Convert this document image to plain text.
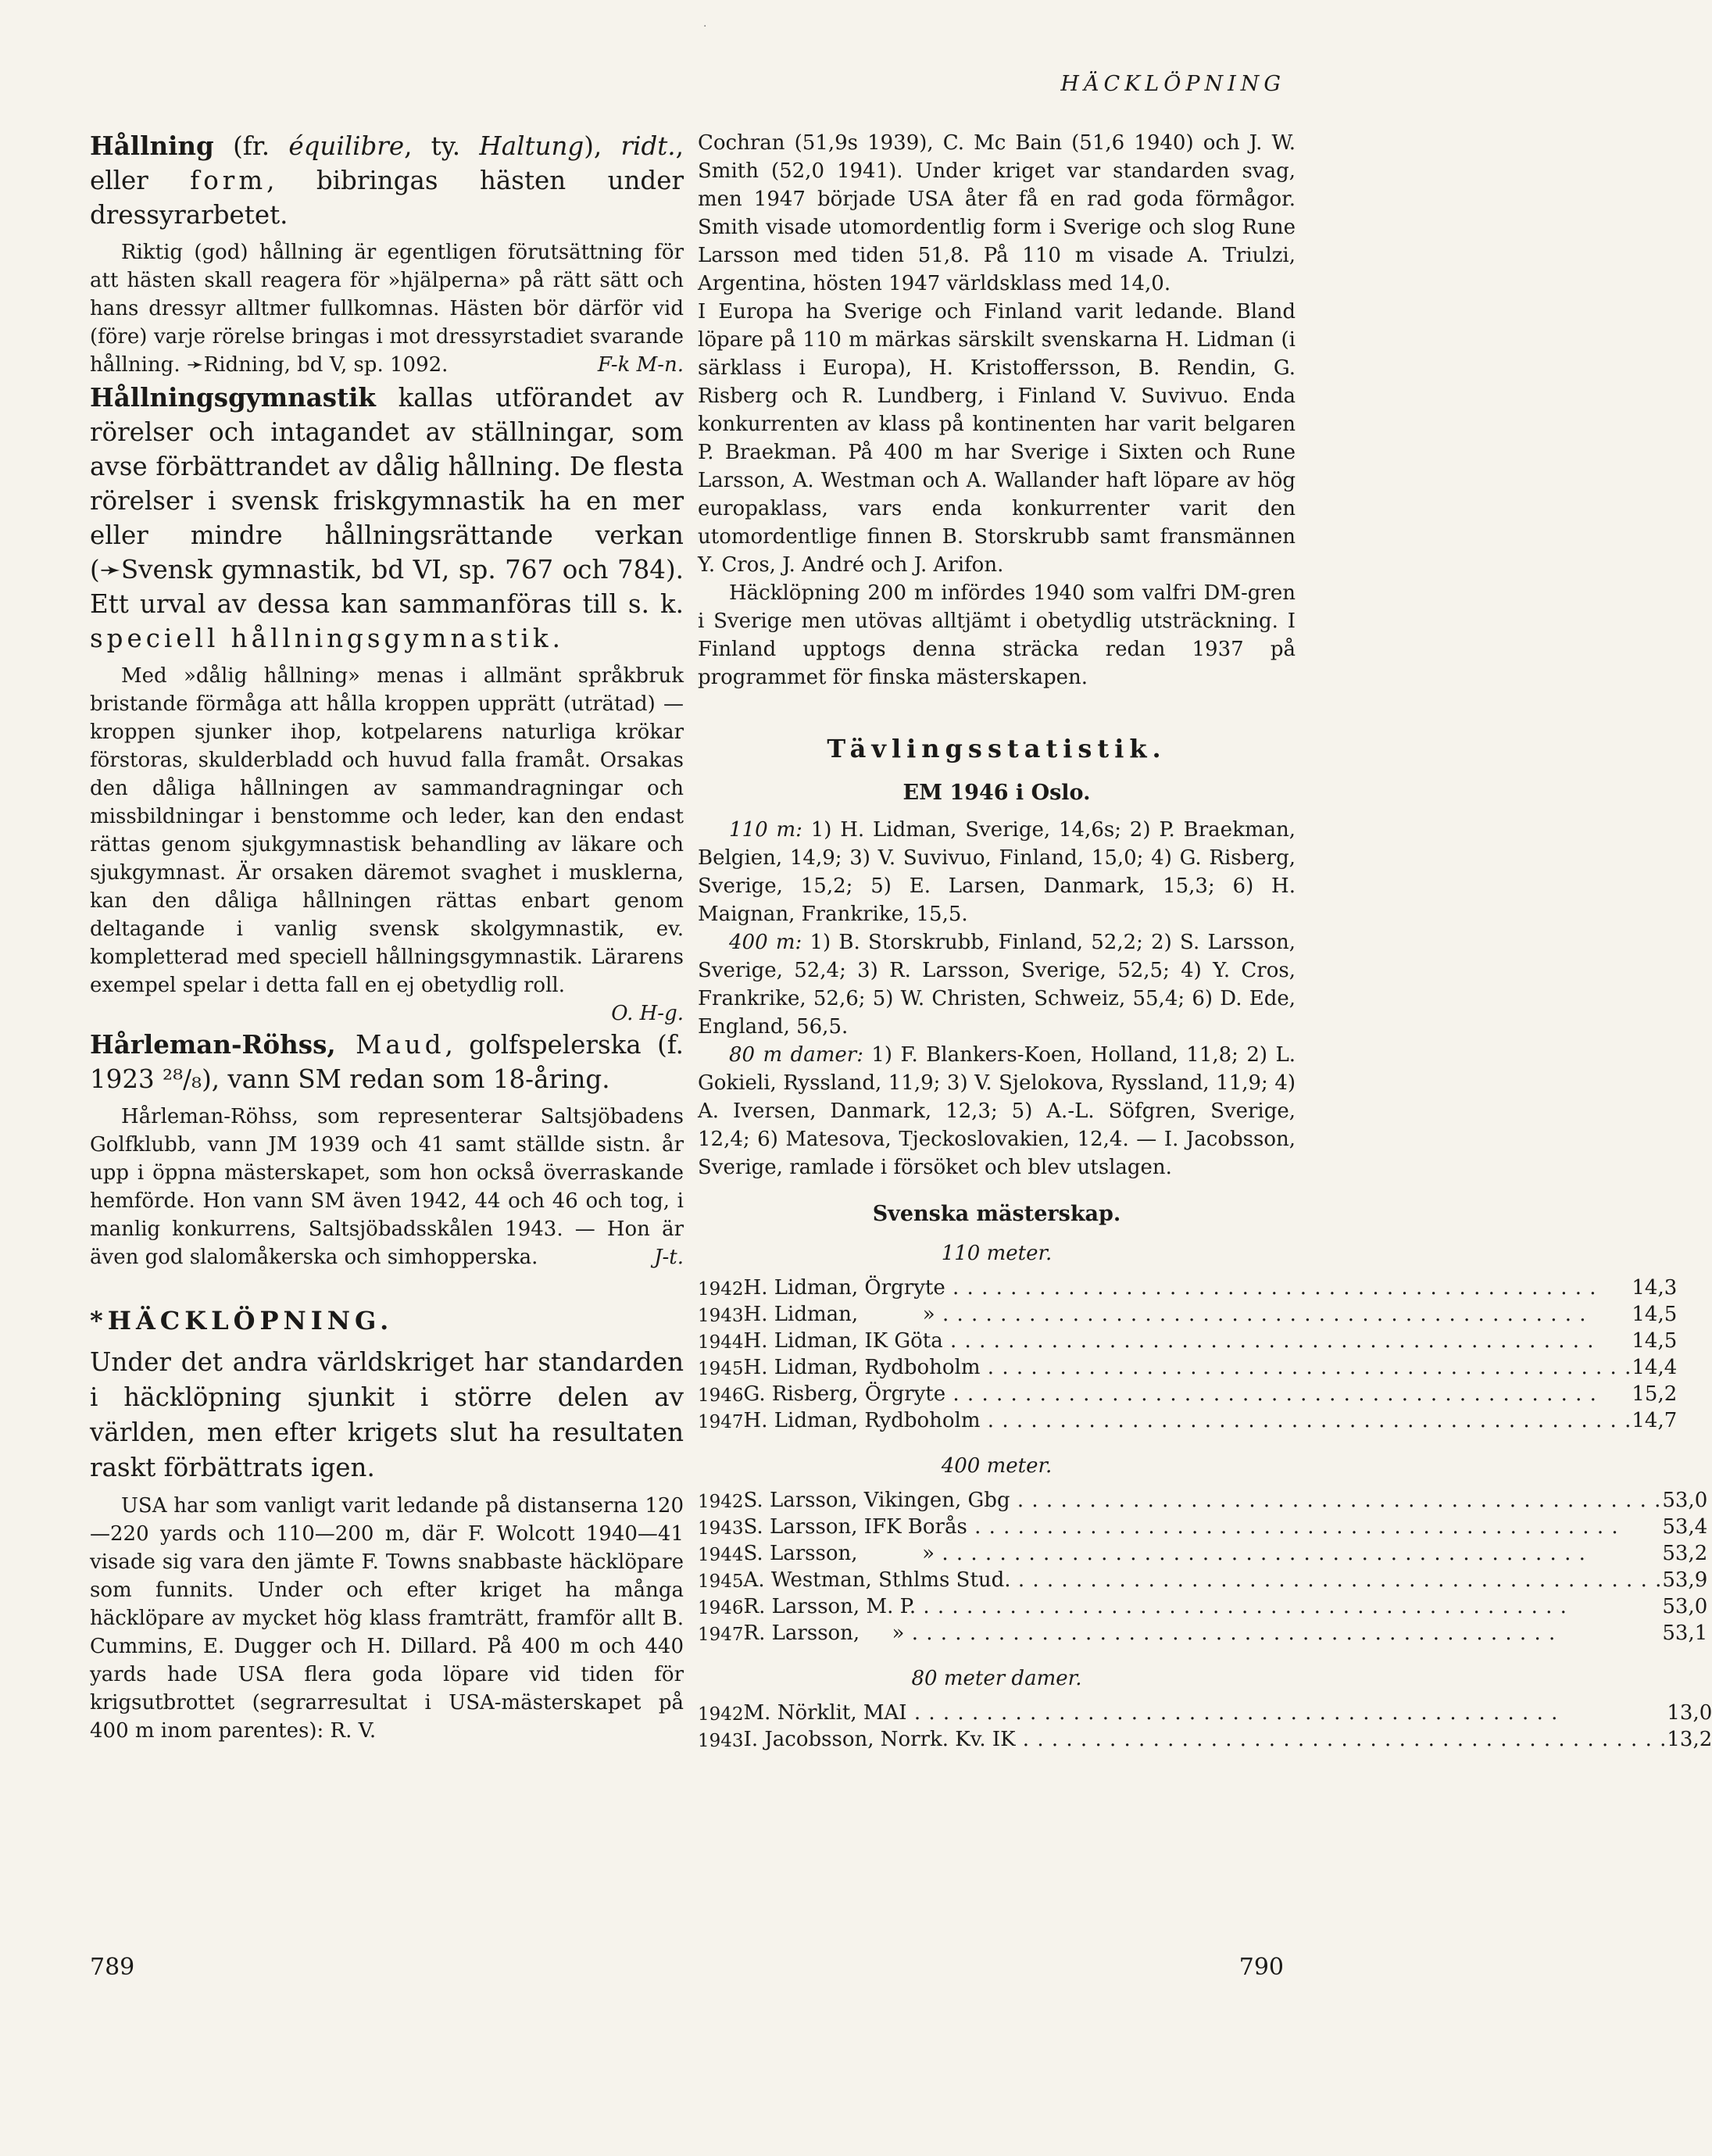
·
HÄCKLÖPNING

Hållning (fr. équilibre, ty. Haltung), ridt., eller form, bibringas hästen under dressyrarbetet.

Riktig (god) hållning är egentligen förutsättning för att hästen skall reagera för »hjälperna» på rätt sätt och hans dressyr alltmer fullkomnas. Hästen bör därför vid (före) varje rörelse bringas i mot dressyrstadiet svarande hållning. ➛Ridning, bd V, sp. 1092.	F-k M-n.

Hållningsgymnastik kallas utförandet av rörelser och intagandet av ställningar, som avse förbättrandet av dålig hållning. De flesta rörelser i svensk friskgymnastik ha en mer eller mindre hållningsrättande verkan (➛Svensk gymnastik, bd VI, sp. 767 och 784). Ett urval av dessa kan sammanföras till s. k. speciell hållningsgymnastik.

Med »dålig hållning» menas i allmänt språkbruk bristande förmåga att hålla kroppen upprätt (uträtad) — kroppen sjunker ihop, kotpelarens naturliga krökar förstoras, skulderbladd och huvud falla framåt. Orsakas den dåliga hållningen av sammandragningar och missbildningar i benstomme och leder, kan den endast rättas genom sjukgymnastisk behandling av läkare och sjukgymnast. Är orsaken däremot svaghet i musklerna, kan den dåliga hållningen rättas enbart genom deltagande i vanlig svensk skolgymnastik, ev. kompletterad med speciell hållningsgymnastik. Lärarens exempel spelar i detta fall en ej obetydlig roll.

O. H-g.

Hårleman-Röhss, Maud, golfspelerska (f. 1923 ²⁸/₈), vann SM redan som 18-åring.

Hårleman-Röhss, som representerar Saltsjöbadens Golfklubb, vann JM 1939 och 41 samt ställde sistn. år upp i öppna mästerskapet, som hon också överraskande hemförde. Hon vann SM även 1942, 44 och 46 och tog, i manlig konkurrens, Saltsjöbadsskålen 1943. — Hon är även god slalomåkerska och simhopperska.	J-t.

*HÄCKLÖPNING.

Under det andra världskriget har standarden i häcklöpning sjunkit i större delen av världen, men efter krigets slut ha resultaten raskt förbättrats igen.

USA har som vanligt varit ledande på distanserna 120—220 yards och 110—200 m, där F. Wolcott 1940—41 visade sig vara den jämte F. Towns snabbaste häcklöpare som funnits. Under och efter kriget ha många häcklöpare av mycket hög klass framträtt, framför allt B. Cummins, E. Dugger och H. Dillard. På 400 m och 440 yards hade USA flera goda löpare vid tiden för krigsutbrottet (segrarresultat i USA-mästerskapet på 400 m inom parentes): R. V.

Cochran (51,9s 1939), C. Mc Bain (51,6 1940) och J. W. Smith (52,0 1941). Under kriget var standarden svag, men 1947 började USA åter få en rad goda förmågor. Smith visade utomordentlig form i Sverige och slog Rune Larsson med tiden 51,8. På 110 m visade A. Triulzi, Argentina, hösten 1947 världsklass med 14,0.

I Europa ha Sverige och Finland varit ledande. Bland löpare på 110 m märkas särskilt svenskarna H. Lidman (i särklass i Europa), H. Kristoffersson, B. Rendin, G. Risberg och R. Lundberg, i Finland V. Suvivuo. Enda konkurrenten av klass på kontinenten har varit belgaren P. Braekman. På 400 m har Sverige i Sixten och Rune Larsson, A. Westman och A. Wallander haft löpare av hög europaklass, vars enda konkurrenter varit den utomordentlige finnen B. Storskrubb samt fransmännen Y. Cros, J. André och J. Arifon.

Häcklöpning 200 m infördes 1940 som valfri DM-gren i Sverige men utövas alltjämt i obetydlig utsträckning. I Finland upptogs denna sträcka redan 1937 på programmet för finska mästerskapen.

Tävlingsstatistik.
EM 1946 i Oslo.

110 m: 1) H. Lidman, Sverige, 14,6s; 2) P. Braekman, Belgien, 14,9; 3) V. Suvivuo, Finland, 15,0; 4) G. Risberg, Sverige, 15,2; 5) E. Larsen, Danmark, 15,3; 6) H. Maignan, Frankrike, 15,5.

400 m: 1) B. Storskrubb, Finland, 52,2; 2) S. Larsson, Sverige, 52,4; 3) R. Larsson, Sverige, 52,5; 4) Y. Cros, Frankrike, 52,6; 5) W. Christen, Schweiz, 55,4; 6) D. Ede, England, 56,5.

80 m damer: 1) F. Blankers-Koen, Holland, 11,8; 2) L. Gokieli, Ryssland, 11,9; 3) V. Sjelokova, Ryssland, 11,9; 4) A. Iversen, Danmark, 12,3; 5) A.-L. Söfgren, Sverige, 12,4; 6) Matesova, Tjeckoslovakien, 12,4. — I. Jacobsson, Sverige, ramlade i försöket och blev utslagen.

Svenska mästerskap.
110 meter.
1942	H. Lidman, Örgryte . . .	14,3
1943	H. Lidman,          » . . .	14,5
1944	H. Lidman, IK Göta . . .	14,5
1945	H. Lidman, Rydboholm . . .	14,4
1946	G. Risberg, Örgryte . . .	15,2
1947	H. Lidman, Rydboholm . . .	14,7
400 meter.
1942	S. Larsson, Vikingen, Gbg . . .	53,0
1943	S. Larsson, IFK Borås . . .	53,4
1944	S. Larsson,          » . . .	53,2
1945	A. Westman, Sthlms Stud. . . .	53,9
1946	R. Larsson, M. P. . . .	53,0
1947	R. Larsson,     » . . .	53,1
80 meter damer.
1942	M. Nörklit, MAI . . .	13,0
1943	I. Jacobsson, Norrk. Kv. IK . . .	13,2
789	790
